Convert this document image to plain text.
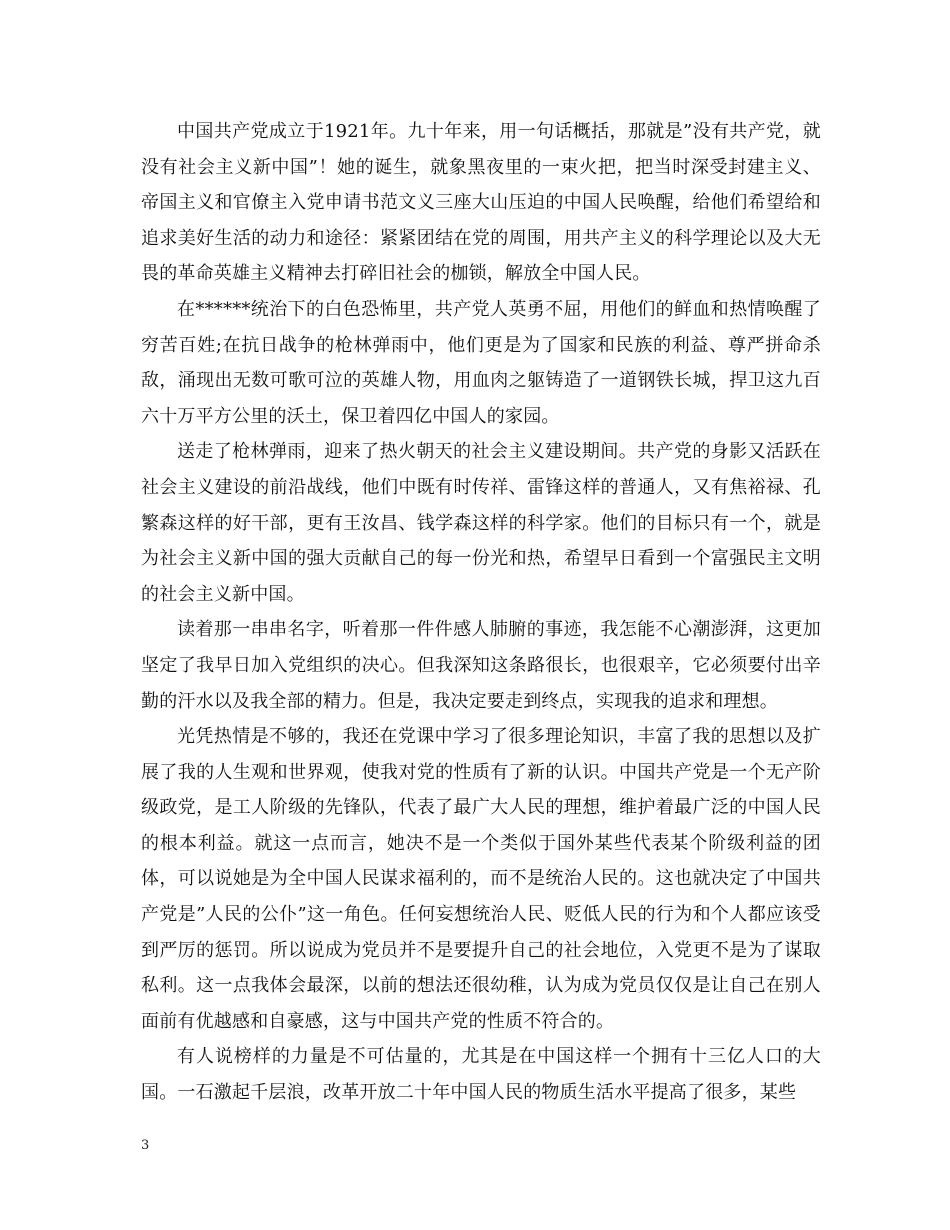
中国共产党成立于1921年。九十年来，用一句话概括，那就是”没有共产党，就没有社会主义新中国”！她的诞生，就象黑夜里的一束火把，把当时深受封建主义、帝国主义和官僚主入党申请书范文义三座大山压迫的中国人民唤醒，给他们希望给和追求美好生活的动力和途径：紧紧团结在党的周围，用共产主义的科学理论以及大无畏的革命英雄主义精神去打碎旧社会的枷锁，解放全中国人民。

在******统治下的白色恐怖里，共产党人英勇不屈，用他们的鲜血和热情唤醒了穷苦百姓;在抗日战争的枪林弹雨中，他们更是为了国家和民族的利益、尊严拼命杀敌，涌现出无数可歌可泣的英雄人物，用血肉之躯铸造了一道钢铁长城，捍卫这九百六十万平方公里的沃土，保卫着四亿中国人的家园。

送走了枪林弹雨，迎来了热火朝天的社会主义建设期间。共产党的身影又活跃在社会主义建设的前沿战线，他们中既有时传祥、雷锋这样的普通人，又有焦裕禄、孔繁森这样的好干部，更有王汝昌、钱学森这样的科学家。他们的目标只有一个，就是为社会主义新中国的强大贡献自己的每一份光和热，希望早日看到一个富强民主文明的社会主义新中国。

读着那一串串名字，听着那一件件感人肺腑的事迹，我怎能不心潮澎湃，这更加坚定了我早日加入党组织的决心。但我深知这条路很长，也很艰辛，它必须要付出辛勤的汗水以及我全部的精力。但是，我决定要走到终点，实现我的追求和理想。

光凭热情是不够的，我还在党课中学习了很多理论知识，丰富了我的思想以及扩展了我的人生观和世界观，使我对党的性质有了新的认识。中国共产党是一个无产阶级政党，是工人阶级的先锋队，代表了最广大人民的理想，维护着最广泛的中国人民的根本利益。就这一点而言，她决不是一个类似于国外某些代表某个阶级利益的团体，可以说她是为全中国人民谋求福利的，而不是统治人民的。这也就决定了中国共产党是”人民的公仆”这一角色。任何妄想统治人民、贬低人民的行为和个人都应该受到严厉的惩罚。所以说成为党员并不是要提升自己的社会地位，入党更不是为了谋取私利。这一点我体会最深，以前的想法还很幼稚，认为成为党员仅仅是让自己在别人面前有优越感和自豪感，这与中国共产党的性质不符合的。

有人说榜样的力量是不可估量的，尤其是在中国这样一个拥有十三亿人口的大国。一石激起千层浪，改革开放二十年中国人民的物质生活水平提高了很多，某些

3
